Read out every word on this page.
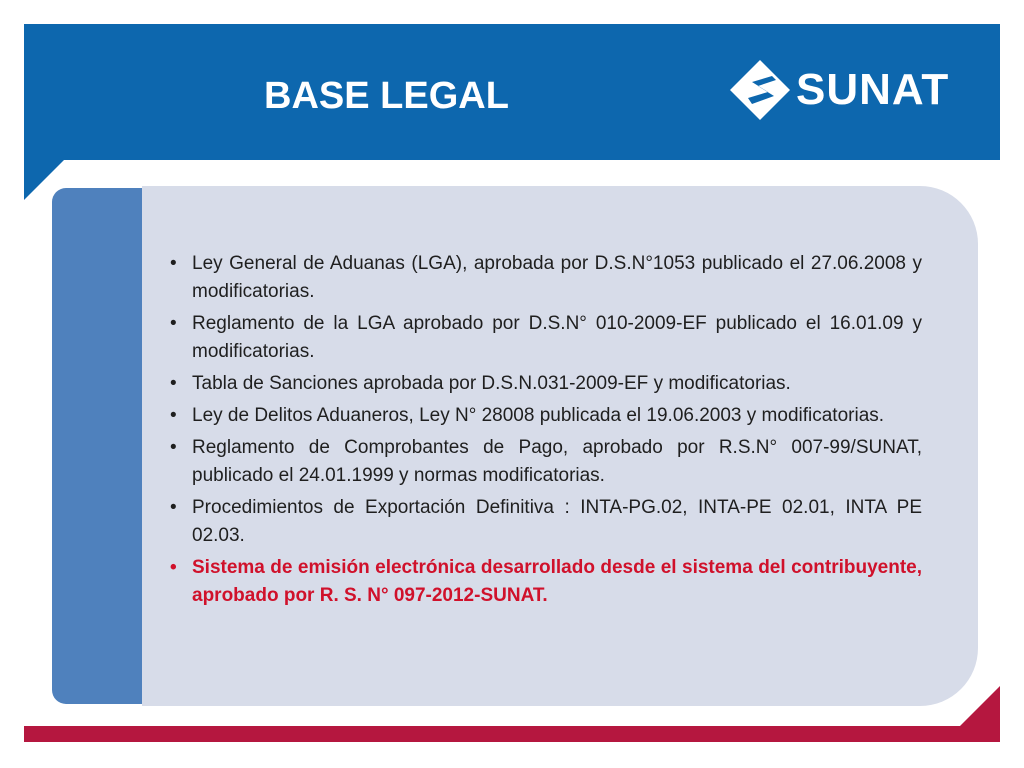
BASE LEGAL	SUNAT
• Ley General de Aduanas (LGA), aprobada por D.S.N°1053 publicado el 27.06.2008 y modificatorias.
• Reglamento de la LGA aprobado por D.S.N° 010-2009-EF publicado el 16.01.09 y modificatorias.
• Tabla de Sanciones aprobada por D.S.N.031-2009-EF y modificatorias.
• Ley de Delitos Aduaneros, Ley N° 28008 publicada el 19.06.2003 y modificatorias.
• Reglamento de Comprobantes de Pago, aprobado por R.S.N° 007-99/SUNAT, publicado el 24.01.1999 y normas modificatorias.
• Procedimientos de Exportación Definitiva : INTA-PG.02, INTA-PE 02.01, INTA PE 02.03.
• Sistema de emisión electrónica desarrollado desde el sistema del contribuyente, aprobado por R. S. N° 097-2012-SUNAT.
